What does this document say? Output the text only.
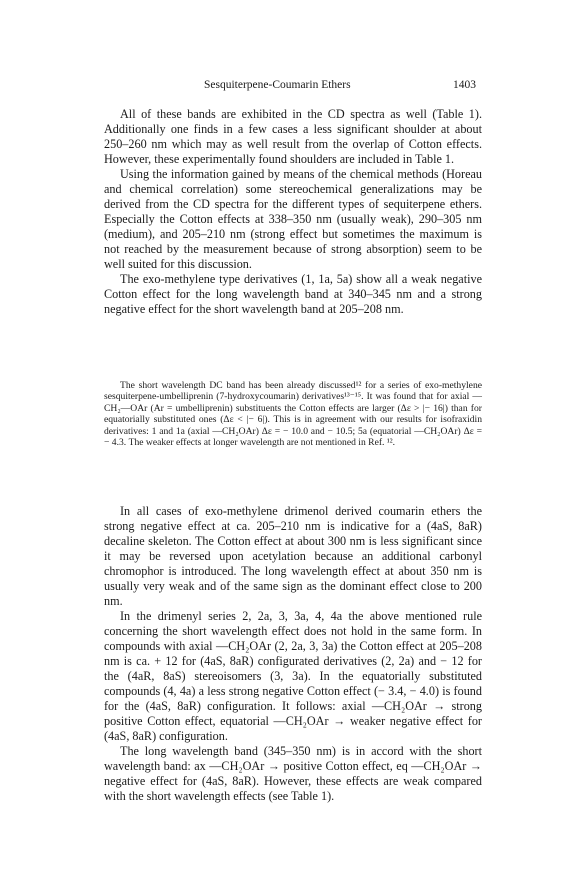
Sesquiterpene-Coumarin Ethers	1403

All of these bands are exhibited in the CD spectra as well (Table 1). Additionally one finds in a few cases a less significant shoulder at about 250–260 nm which may as well result from the overlap of Cotton effects. However, these experimentally found shoulders are included in Table 1.

Using the information gained by means of the chemical methods (Horeau and chemical correlation) some stereochemical generalizations may be derived from the CD spectra for the different types of sequiterpene ethers. Especially the Cotton effects at 338–350 nm (usually weak), 290–305 nm (medium), and 205–210 nm (strong effect but sometimes the maximum is not reached by the measurement because of strong absorption) seem to be well suited for this discussion.

The exo-methylene type derivatives (1, 1a, 5a) show all a weak negative Cotton effect for the long wavelength band at 340–345 nm and a strong negative effect for the short wavelength band at 205–208 nm.

The short wavelength DC band has been already discussed¹² for a series of exo-methylene sesquiterpene-umbelliprenin (7-hydroxycoumarin) derivatives¹³⁻¹⁵. It was found that for axial —CH₂—OAr (Ar = umbelliprenin) substituents the Cotton effects are larger (Δε > |− 16|) than for equatorially substituted ones (Δε < |− 6|). This is in agreement with our results for isofraxidin derivatives: 1 and 1a (axial —CH₂OAr) Δε = − 10.0 and − 10.5; 5a (equatorial —CH₂OAr) Δε = − 4.3. The weaker effects at longer wavelength are not mentioned in Ref. ¹².

In all cases of exo-methylene drimenol derived coumarin ethers the strong negative effect at ca. 205–210 nm is indicative for a (4aS, 8aR) decaline skeleton. The Cotton effect at about 300 nm is less significant since it may be reversed upon acetylation because an additional carbonyl chromophor is introduced. The long wavelength effect at about 350 nm is usually very weak and of the same sign as the dominant effect close to 200 nm.

In the drimenyl series 2, 2a, 3, 3a, 4, 4a the above mentioned rule concerning the short wavelength effect does not hold in the same form. In compounds with axial —CH₂OAr (2, 2a, 3, 3a) the Cotton effect at 205–208 nm is ca. + 12 for (4aS, 8aR) configurated derivatives (2, 2a) and − 12 for the (4aR, 8aS) stereoisomers (3, 3a). In the equatorially substituted compounds (4, 4a) a less strong negative Cotton effect (− 3.4, − 4.0) is found for the (4aS, 8aR) configuration. It follows: axial —CH₂OAr → strong positive Cotton effect, equatorial —CH₂OAr → weaker negative effect for (4aS, 8aR) configuration.

The long wavelength band (345–350 nm) is in accord with the short wavelength band: ax —CH₂OAr → positive Cotton effect, eq —CH₂OAr → negative effect for (4aS, 8aR). However, these effects are weak compared with the short wavelength effects (see Table 1).
